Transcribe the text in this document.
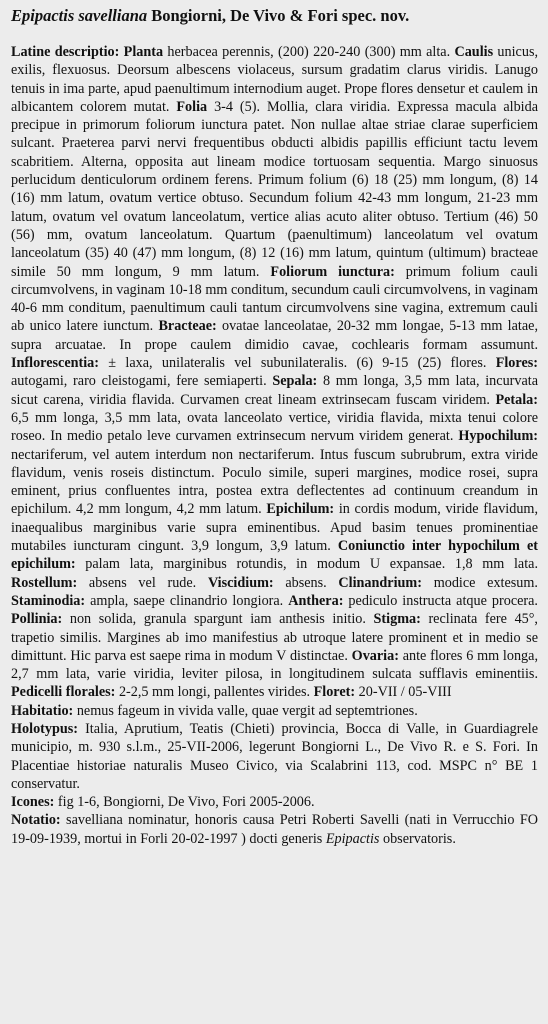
Epipactis savelliana Bongiorni, De Vivo & Fori spec. nov.

Latine descriptio: Planta herbacea perennis, (200) 220-240 (300) mm alta. Caulis unicus, exilis, flexuosus. Deorsum albescens violaceus, sursum gradatim clarus viridis. Lanugo tenuis in ima parte, apud paenultimum internodium auget. Prope flores densetur et caulem in albicantem colorem mutat. Folia 3-4 (5). Mollia, clara viridia. Expressa macula albida precipue in primorum foliorum iunctura patet. Non nullae altae striae clarae superficiem sulcant. Praeterea parvi nervi frequentibus obducti albidis papillis efficiunt tactu levem scabritiem. Alterna, opposita aut lineam modice tortuosam sequentia. Margo sinuosus perlucidum denticulorum ordinem ferens. Primum folium (6) 18 (25) mm longum, (8) 14 (16) mm latum, ovatum vertice obtuso. Secundum folium 42-43 mm longum, 21-23 mm latum, ovatum vel ovatum lanceolatum, vertice alias acuto aliter obtuso. Tertium (46) 50 (56) mm, ovatum lanceolatum. Quartum (paenultimum) lanceolatum vel ovatum lanceolatum (35) 40 (47) mm longum, (8) 12 (16) mm latum, quintum (ultimum) bracteae simile 50 mm longum, 9 mm latum. Foliorum iunctura: primum folium cauli circumvolvens, in vaginam 10-18 mm conditum, secundum cauli circumvolvens, in vaginam 40-6 mm conditum, paenultimum cauli tantum circumvolvens sine vagina, extremum cauli ab unico latere iunctum. Bracteae: ovatae lanceolatae, 20-32 mm longae, 5-13 mm latae, supra arcuatae. In prope caulem dimidio cavae, cochlearis formam assumunt. Inflorescentia: ± laxa, unilateralis vel subunilateralis. (6) 9-15 (25) flores. Flores: autogami, raro cleistogami, fere semiaperti. Sepala: 8 mm longa, 3,5 mm lata, incurvata sicut carena, viridia flavida. Curvamen creat lineam extrinsecam fuscam viridem. Petala: 6,5 mm longa, 3,5 mm lata, ovata lanceolato vertice, viridia flavida, mixta tenui colore roseo. In medio petalo leve curvamen extrinsecum nervum viridem generat. Hypochilum: nectariferum, vel autem interdum non nectariferum. Intus fuscum subrubrum, extra viride flavidum, venis roseis distinctum. Poculo simile, superi margines, modice rosei, supra eminent, prius confluentes intra, postea extra deflectentes ad continuum creandum in epichilum. 4,2 mm longum, 4,2 mm latum. Epichilum: in cordis modum, viride flavidum, inaequalibus marginibus varie supra eminentibus. Apud basim tenues prominentiae mutabiles iuncturam cingunt. 3,9 longum, 3,9 latum. Coniunctio inter hypochilum et epichilum: palam lata, marginibus rotundis, in modum U expansae. 1,8 mm lata. Rostellum: absens vel rude. Viscidium: absens. Clinandrium: modice extesum. Staminodia: ampla, saepe clinandrio longiora. Anthera: pediculo instructa atque procera. Pollinia: non solida, granula spargunt iam anthesis initio. Stigma: reclinata fere 45°, trapetio similis. Margines ab imo manifestius ab utroque latere prominent et in medio se dimittunt. Hic parva est saepe rima in modum V distinctae. Ovaria: ante flores 6 mm longa, 2,7 mm lata, varie viridia, leviter pilosa, in longitudinem sulcata sufflavis eminentiis. Pedicelli florales: 2-2,5 mm longi, pallentes virides. Floret: 20-VII / 05-VIII
Habitatio: nemus fageum in vivida valle, quae vergit ad septemtriones.
Holotypus: Italia, Aprutium, Teatis (Chieti) provincia, Bocca di Valle, in Guardiagrele municipio, m. 930 s.l.m., 25-VII-2006, legerunt Bongiorni L., De Vivo R. e S. Fori. In Placentiae historiae naturalis Museo Civico, via Scalabrini 113, cod. MSPC n° BE 1 conservatur.
Icones: fig 1-6, Bongiorni, De Vivo, Fori 2005-2006.
Notatio: savelliana nominatur, honoris causa Petri Roberti Savelli (nati in Verrucchio FO 19-09-1939, mortui in Forli 20-02-1997 ) docti generis Epipactis observatoris.
